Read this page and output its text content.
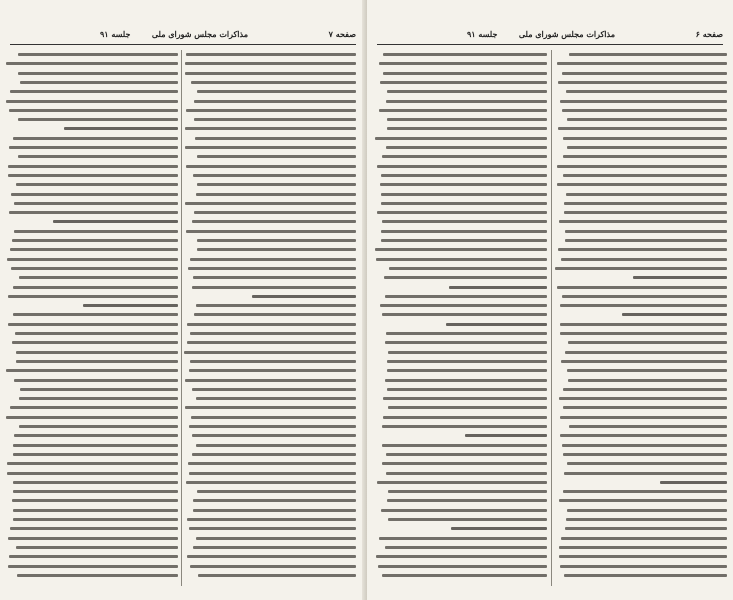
صفحه ۷
مذاکرات مجلس شورای ملی
جلسه ۹۱	صفحه ۶
مذاکرات مجلس شورای ملی
جلسه ۹۱
